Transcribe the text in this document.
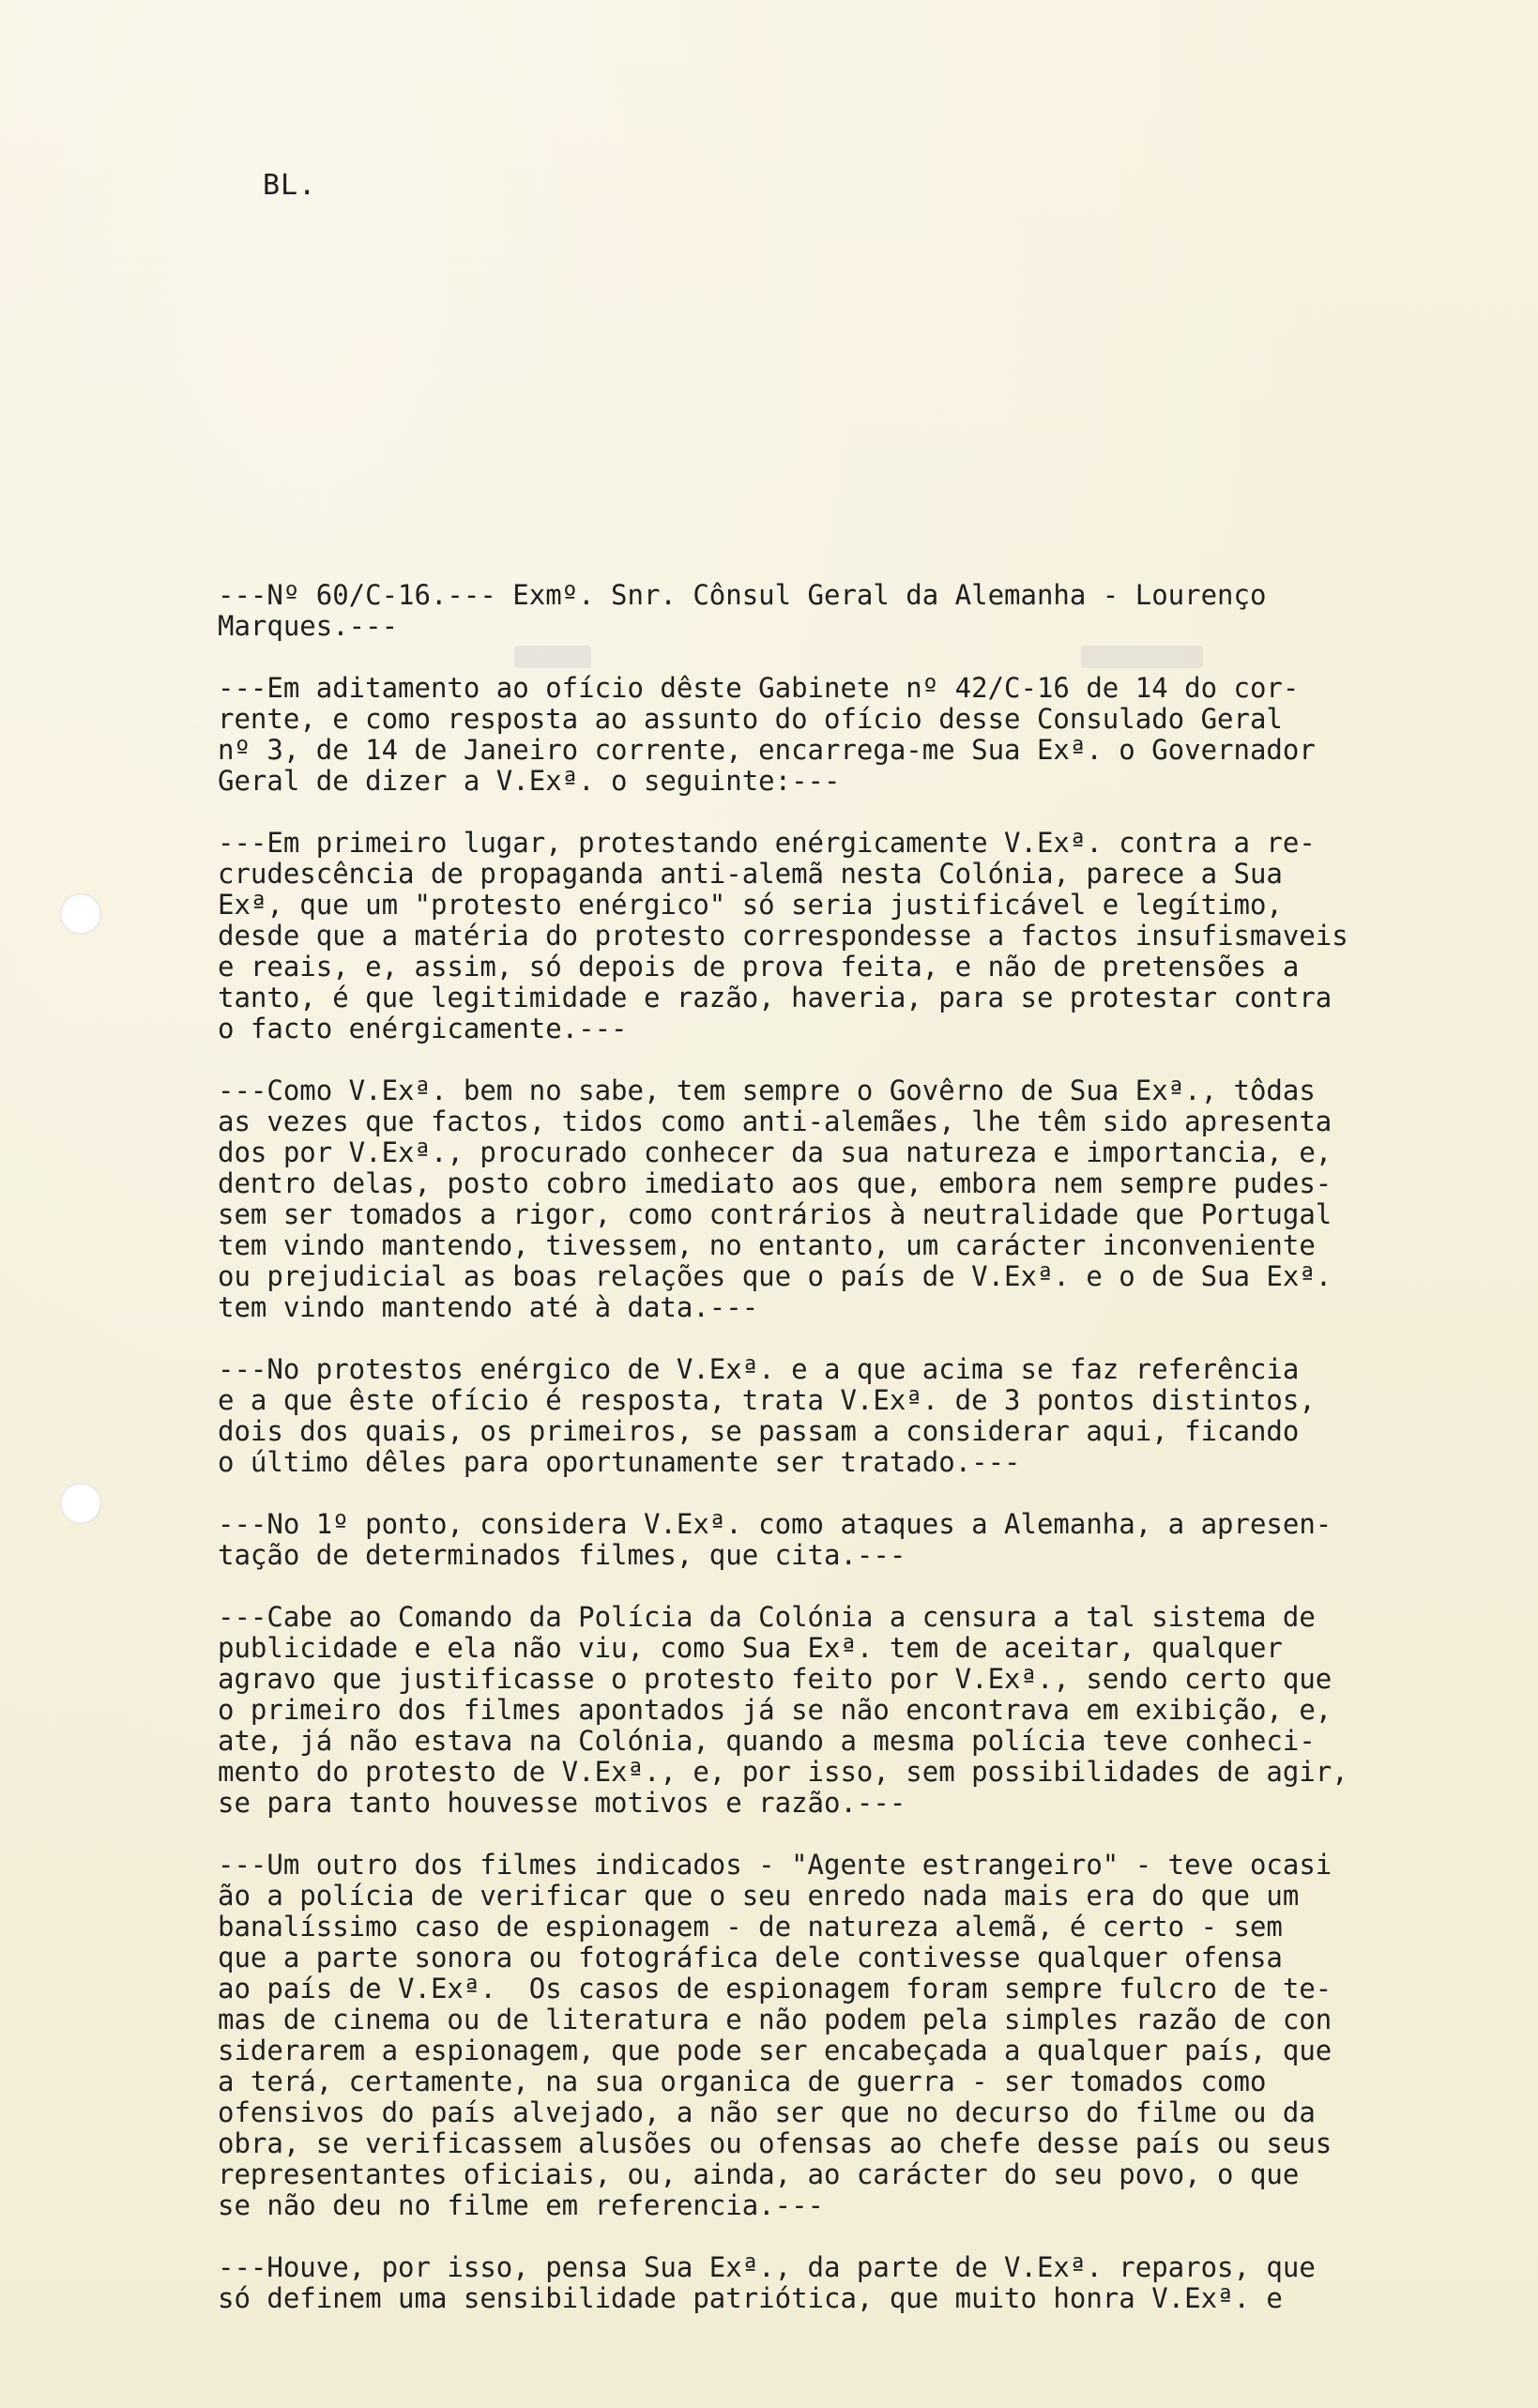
BL.
---Nº 60/C-16.--- Exmº. Snr. Cônsul Geral da Alemanha - Lourenço
Marques.---
---Em aditamento ao ofício dêste Gabinete nº 42/C-16 de 14 do cor-
rente, e como resposta ao assunto do ofício desse Consulado Geral
nº 3, de 14 de Janeiro corrente, encarrega-me Sua Exª. o Governador
Geral de dizer a V.Exª. o seguinte:---
---Em primeiro lugar, protestando enérgicamente V.Exª. contra a re-
crudescência de propaganda anti-alemã nesta Colónia, parece a Sua
Exª, que um "protesto enérgico" só seria justificável e legítimo,
desde que a matéria do protesto correspondesse a factos insufismaveis
e reais, e, assim, só depois de prova feita, e não de pretensões a
tanto, é que legitimidade e razão, haveria, para se protestar contra
o facto enérgicamente.---
---Como V.Exª. bem no sabe, tem sempre o Govêrno de Sua Exª., tôdas
as vezes que factos, tidos como anti-alemães, lhe têm sido apresenta
dos por V.Exª., procurado conhecer da sua natureza e importancia, e,
dentro delas, posto cobro imediato aos que, embora nem sempre pudes-
sem ser tomados a rigor, como contrários à neutralidade que Portugal
tem vindo mantendo, tivessem, no entanto, um carácter inconveniente
ou prejudicial as boas relações que o país de V.Exª. e o de Sua Exª.
tem vindo mantendo até à data.---
---No protestos enérgico de V.Exª. e a que acima se faz referência
e a que êste ofício é resposta, trata V.Exª. de 3 pontos distintos,
dois dos quais, os primeiros, se passam a considerar aqui, ficando
o último dêles para oportunamente ser tratado.---
---No 1º ponto, considera V.Exª. como ataques a Alemanha, a apresen-
tação de determinados filmes, que cita.---
---Cabe ao Comando da Polícia da Colónia a censura a tal sistema de
publicidade e ela não viu, como Sua Exª. tem de aceitar, qualquer
agravo que justificasse o protesto feito por V.Exª., sendo certo que
o primeiro dos filmes apontados já se não encontrava em exibição, e,
ate, já não estava na Colónia, quando a mesma polícia teve conheci-
mento do protesto de V.Exª., e, por isso, sem possibilidades de agir,
se para tanto houvesse motivos e razão.---
---Um outro dos filmes indicados - "Agente estrangeiro" - teve ocasi
ão a polícia de verificar que o seu enredo nada mais era do que um
banalíssimo caso de espionagem - de natureza alemã, é certo - sem
que a parte sonora ou fotográfica dele contivesse qualquer ofensa
ao país de V.Exª.  Os casos de espionagem foram sempre fulcro de te-
mas de cinema ou de literatura e não podem pela simples razão de con
siderarem a espionagem, que pode ser encabeçada a qualquer país, que
a terá, certamente, na sua organica de guerra - ser tomados como
ofensivos do país alvejado, a não ser que no decurso do filme ou da
obra, se verificassem alusões ou ofensas ao chefe desse país ou seus
representantes oficiais, ou, ainda, ao carácter do seu povo, o que
se não deu no filme em referencia.---
---Houve, por isso, pensa Sua Exª., da parte de V.Exª. reparos, que
só definem uma sensibilidade patriótica, que muito honra V.Exª. e
